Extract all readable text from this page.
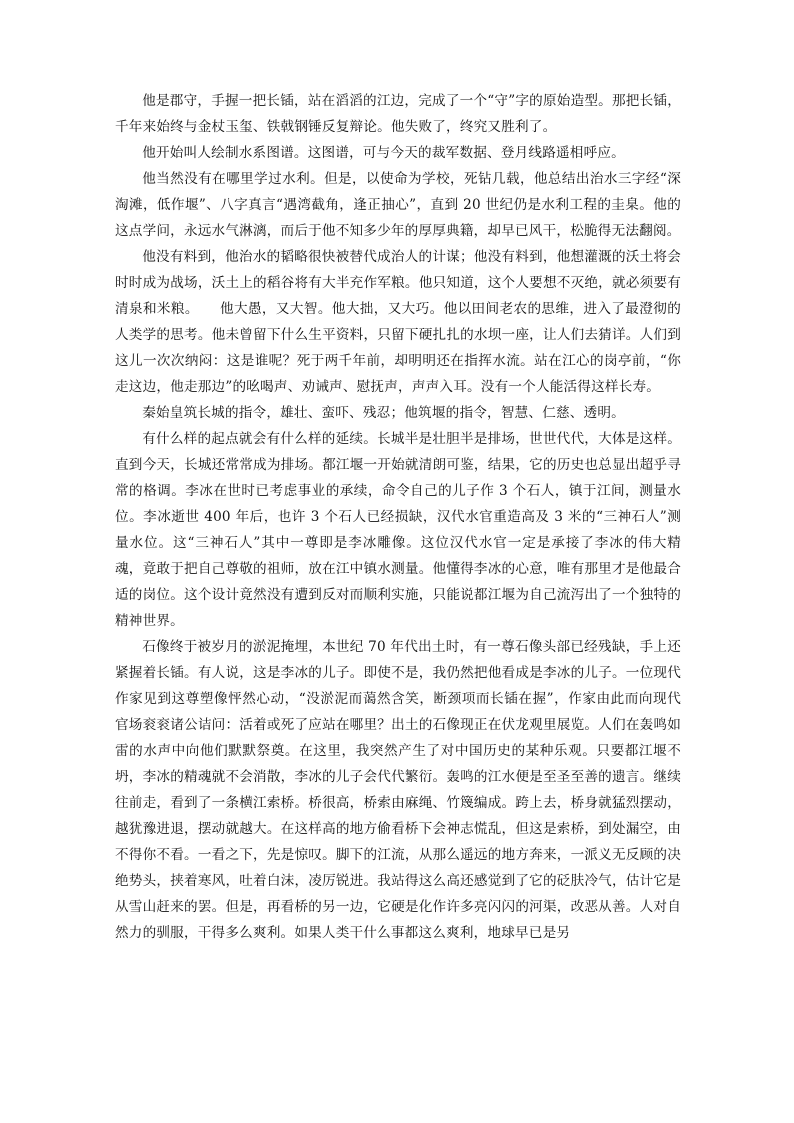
他是郡守，手握一把长锸，站在滔滔的江边，完成了一个“守”字的原始造型。那把长锸，千年来始终与金杖玉玺、铁戟钢锤反复辩论。他失败了，终究又胜利了。

他开始叫人绘制水系图谱。这图谱，可与今天的裁军数据、登月线路遥相呼应。

他当然没有在哪里学过水利。但是，以使命为学校，死钻几载，他总结出治水三字经“深淘滩，低作堰”、八字真言“遇湾截角，逢正抽心”，直到 20 世纪仍是水利工程的圭臬。他的这点学问，永远水气淋漓，而后于他不知多少年的厚厚典籍，却早已风干，松脆得无法翻阅。

他没有料到，他治水的韬略很快被替代成治人的计谋；他没有料到，他想灌溉的沃土将会时时成为战场，沃土上的稻谷将有大半充作军粮。他只知道，这个人要想不灭绝，就必须要有清泉和米粮。　　他大愚，又大智。他大拙，又大巧。他以田间老农的思维，进入了最澄彻的人类学的思考。他未曾留下什么生平资料，只留下硬扎扎的水坝一座，让人们去猜详。人们到这儿一次次纳闷：这是谁呢？死于两千年前，却明明还在指挥水流。站在江心的岗亭前，“你走这边，他走那边”的吆喝声、劝诫声、慰抚声，声声入耳。没有一个人能活得这样长寿。

秦始皇筑长城的指令，雄壮、蛮吓、残忍；他筑堰的指令，智慧、仁慈、透明。

有什么样的起点就会有什么样的延续。长城半是壮胆半是排场，世世代代，大体是这样。直到今天，长城还常常成为排场。都江堰一开始就清朗可鉴，结果，它的历史也总显出超乎寻常的格调。李冰在世时已考虑事业的承续，命令自己的儿子作 3 个石人，镇于江间，测量水位。李冰逝世 400 年后，也许 3 个石人已经损缺，汉代水官重造高及 3 米的“三神石人”测量水位。这“三神石人”其中一尊即是李冰雕像。这位汉代水官一定是承接了李冰的伟大精魂，竟敢于把自己尊敬的祖师，放在江中镇水测量。他懂得李冰的心意，唯有那里才是他最合适的岗位。这个设计竟然没有遭到反对而顺利实施，只能说都江堰为自己流泻出了一个独特的精神世界。

石像终于被岁月的淤泥掩埋，本世纪 70 年代出土时，有一尊石像头部已经残缺，手上还紧握着长锸。有人说，这是李冰的儿子。即使不是，我仍然把他看成是李冰的儿子。一位现代作家见到这尊塑像怦然心动，“没淤泥而蔼然含笑，断颈项而长锸在握”，作家由此而向现代官场衮衮诸公诘问：活着或死了应站在哪里？出土的石像现正在伏龙观里展览。人们在轰鸣如雷的水声中向他们默默祭奠。在这里，我突然产生了对中国历史的某种乐观。只要都江堰不坍，李冰的精魂就不会消散，李冰的儿子会代代繁衍。轰鸣的江水便是至圣至善的遗言。继续往前走，看到了一条横江索桥。桥很高，桥索由麻绳、竹篾编成。跨上去，桥身就猛烈摆动，越犹豫进退，摆动就越大。在这样高的地方偷看桥下会神志慌乱，但这是索桥，到处漏空，由不得你不看。一看之下，先是惊叹。脚下的江流，从那么遥远的地方奔来，一派义无反顾的决绝势头，挟着寒风，吐着白沫，凌厉锐进。我站得这么高还感觉到了它的砭肤冷气，估计它是从雪山赶来的罢。但是，再看桥的另一边，它硬是化作许多亮闪闪的河渠，改恶从善。人对自然力的驯服，干得多么爽利。如果人类干什么事都这么爽利，地球早已是另
